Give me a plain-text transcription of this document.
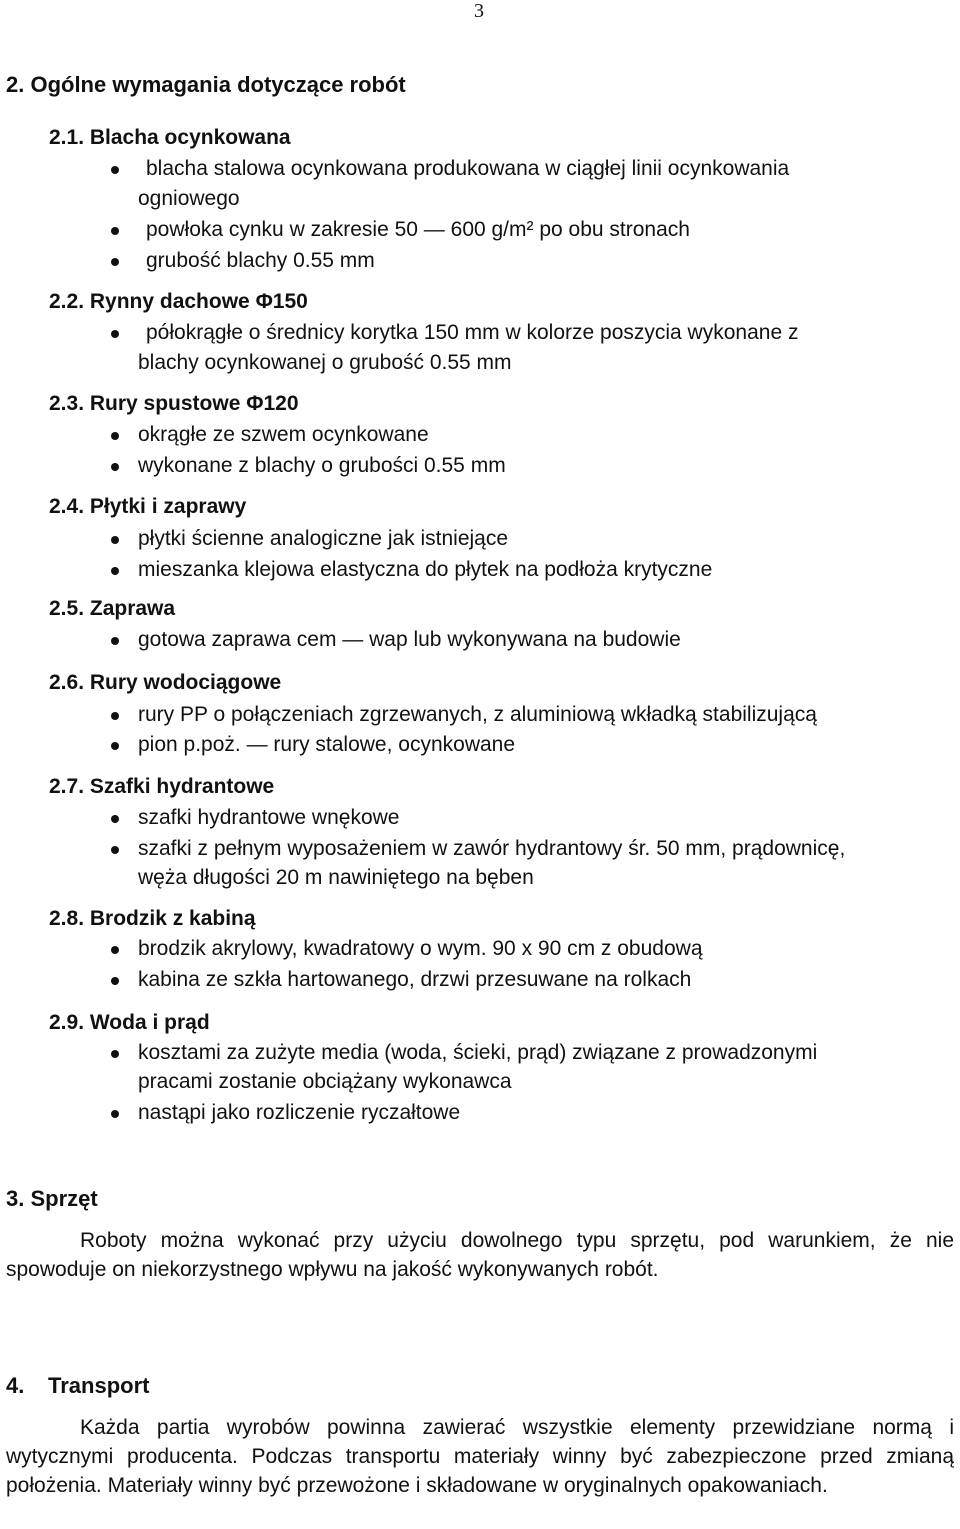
3
2. Ogólne wymagania dotyczące robót
2.1. Blacha ocynkowana
blacha stalowa ocynkowana produkowana w ciągłej linii ocynkowania
ogniowego
powłoka cynku w zakresie 50 — 600 g/m² po obu stronach
grubość blachy 0.55 mm
2.2. Rynny dachowe Φ150
półokrągłe o średnicy korytka 150 mm w kolorze poszycia wykonane z
blachy ocynkowanej o grubość 0.55 mm
2.3. Rury spustowe Φ120
okrągłe ze szwem ocynkowane
wykonane z blachy o grubości 0.55 mm
2.4. Płytki i zaprawy
płytki ścienne analogiczne jak istniejące
mieszanka klejowa elastyczna do płytek na podłoża krytyczne
2.5. Zaprawa
gotowa zaprawa cem — wap lub wykonywana na budowie
2.6. Rury wodociągowe
rury PP o połączeniach zgrzewanych, z aluminiową wkładką stabilizującą
pion p.poż. — rury stalowe, ocynkowane
2.7. Szafki hydrantowe
szafki hydrantowe wnękowe
szafki z pełnym wyposażeniem w zawór hydrantowy śr. 50 mm, prądownicę,
węża długości 20 m nawiniętego na bęben
2.8. Brodzik z kabiną
brodzik akrylowy, kwadratowy o wym. 90 x 90 cm z obudową
kabina ze szkła hartowanego, drzwi przesuwane na rolkach
2.9. Woda i prąd
kosztami za zużyte media (woda, ścieki, prąd) związane z prowadzonymi
pracami zostanie obciążany wykonawca
nastąpi jako rozliczenie ryczałtowe
3. Sprzęt
Roboty można wykonać przy użyciu dowolnego typu sprzętu, pod warunkiem, że nie spowoduje on niekorzystnego wpływu na jakość wykonywanych robót.
4. Transport
Każda partia wyrobów powinna zawierać wszystkie elementy przewidziane normą i wytycznymi producenta. Podczas transportu materiały winny być zabezpieczone przed zmianą położenia. Materiały winny być przewożone i składowane w oryginalnych opakowaniach.
